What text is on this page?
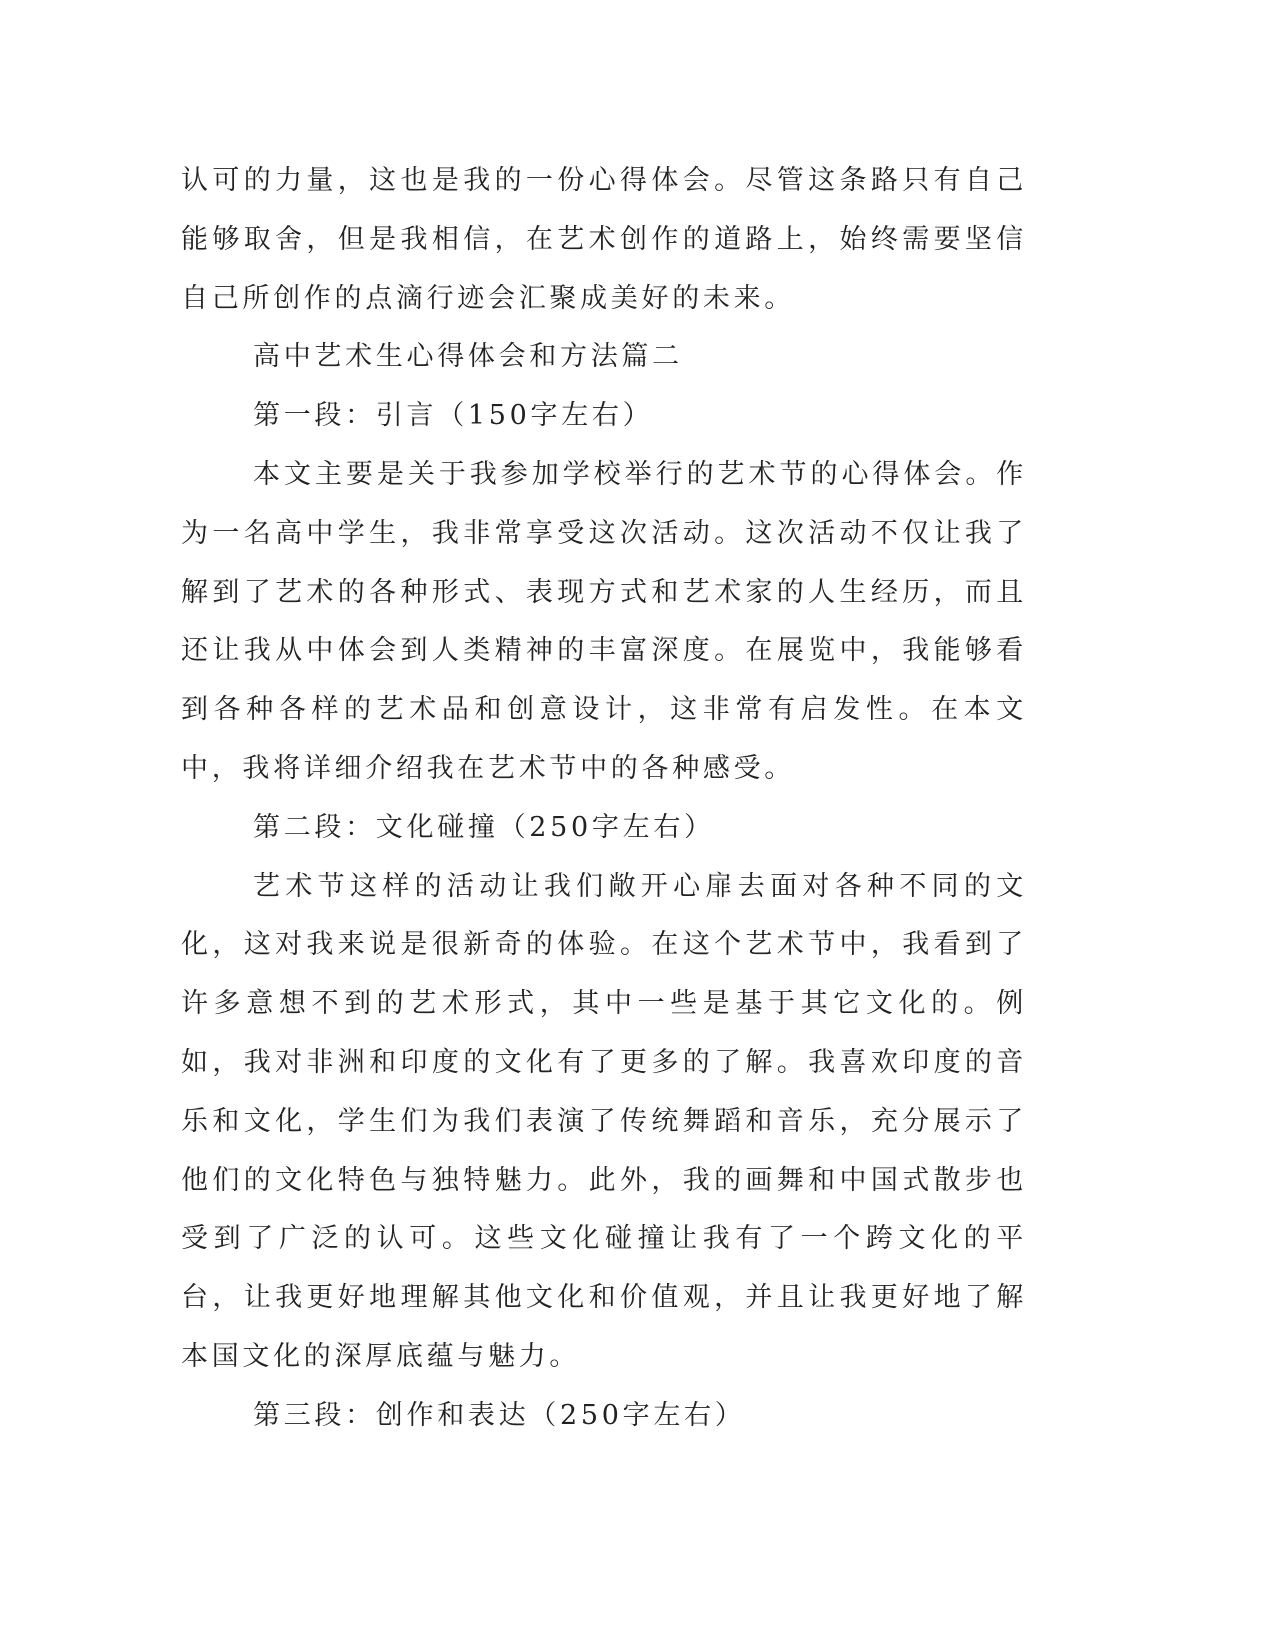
认可的力量，这也是我的一份心得体会。尽管这条路只有自己能够取舍，但是我相信，在艺术创作的道路上，始终需要坚信自己所创作的点滴行迹会汇聚成美好的未来。

高中艺术生心得体会和方法篇二

第一段：引言（150字左右）

本文主要是关于我参加学校举行的艺术节的心得体会。作为一名高中学生，我非常享受这次活动。这次活动不仅让我了解到了艺术的各种形式、表现方式和艺术家的人生经历，而且还让我从中体会到人类精神的丰富深度。在展览中，我能够看到各种各样的艺术品和创意设计，这非常有启发性。在本文中，我将详细介绍我在艺术节中的各种感受。

第二段：文化碰撞（250字左右）

艺术节这样的活动让我们敞开心扉去面对各种不同的文化，这对我来说是很新奇的体验。在这个艺术节中，我看到了许多意想不到的艺术形式，其中一些是基于其它文化的。例如，我对非洲和印度的文化有了更多的了解。我喜欢印度的音乐和文化，学生们为我们表演了传统舞蹈和音乐，充分展示了他们的文化特色与独特魅力。此外，我的画舞和中国式散步也受到了广泛的认可。这些文化碰撞让我有了一个跨文化的平台，让我更好地理解其他文化和价值观，并且让我更好地了解本国文化的深厚底蕴与魅力。

第三段：创作和表达（250字左右）
